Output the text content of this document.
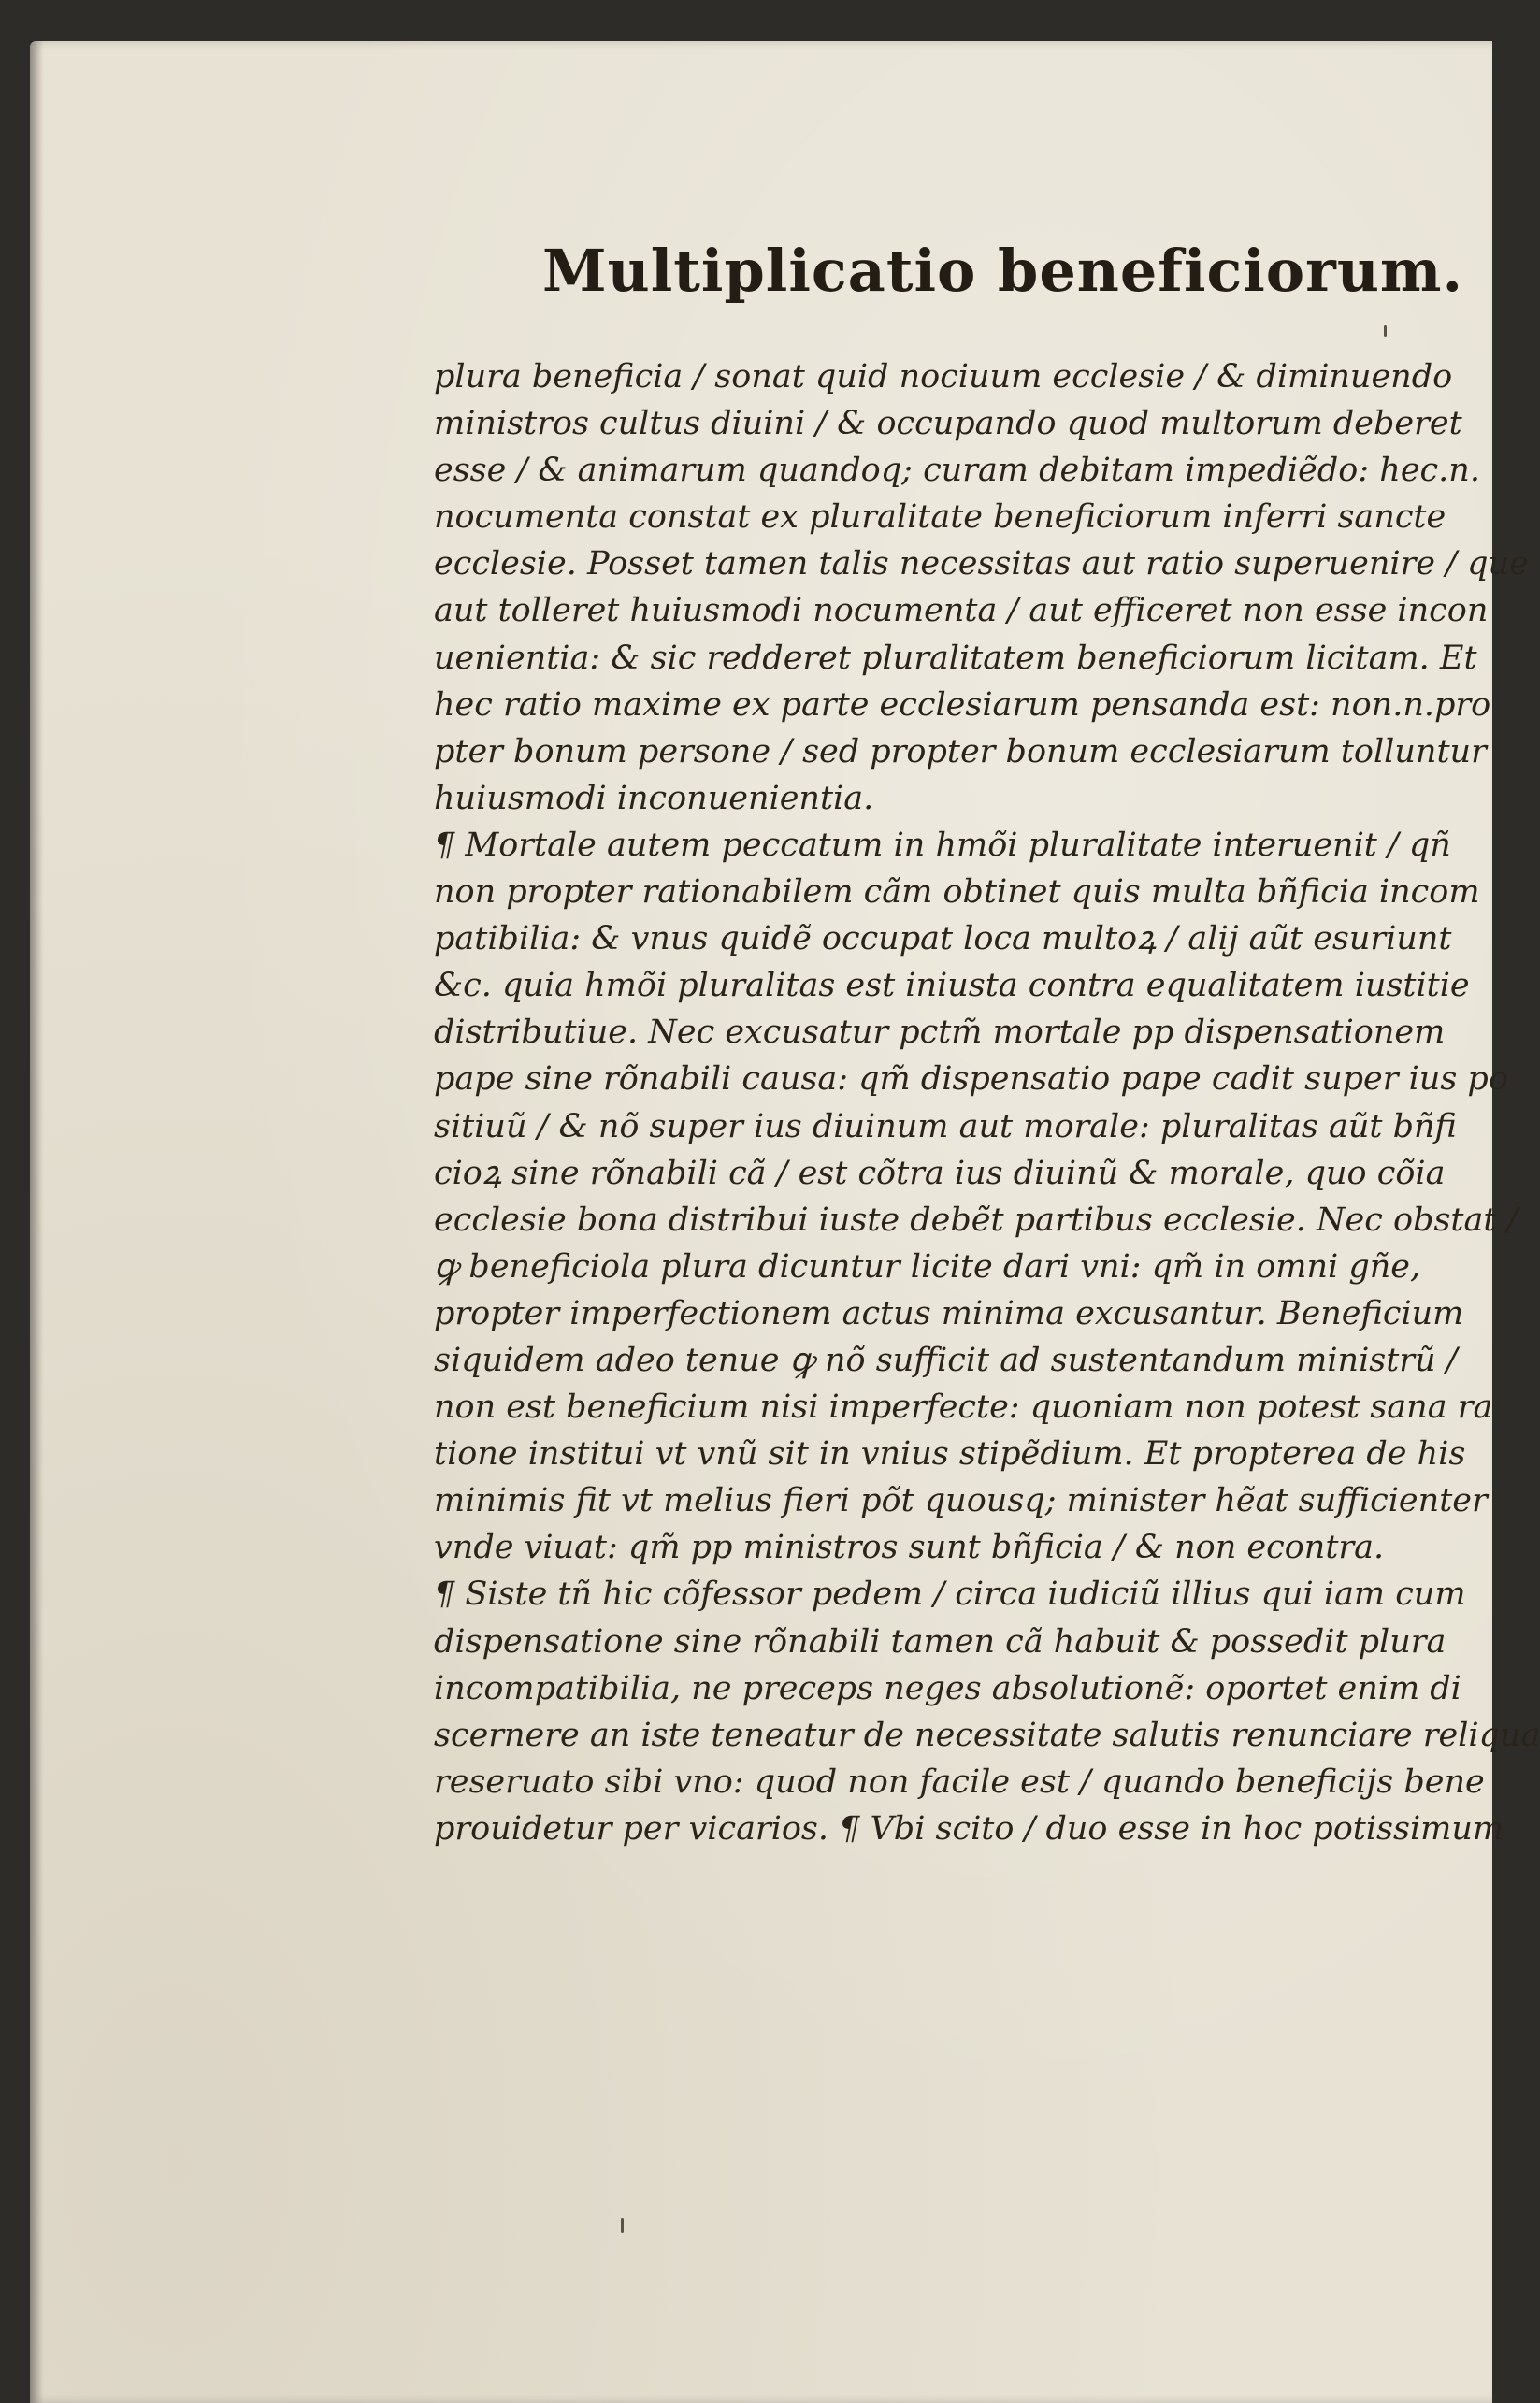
Multiplicatio beneficiorum.
plura beneficia / sonat quid nociuum ecclesie / & diminuendo
ministros cultus diuini / & occupando quod multorum deberet
esse / & animarum quandoq; curam debitam impediẽdo: hec.n.
nocumenta constat ex pluralitate beneficiorum inferri sancte
ecclesie. Posset tamen talis necessitas aut ratio superuenire / que
aut tolleret huiusmodi nocumenta / aut efficeret non esse incon
uenientia: & sic redderet pluralitatem beneficiorum licitam. Et
hec ratio maxime ex parte ecclesiarum pensanda est: non.n.pro
pter bonum persone / sed propter bonum ecclesiarum tolluntur
huiusmodi inconuenientia.
¶ Mortale autem peccatum in hmõi pluralitate interuenit / qñ
non propter rationabilem cãm obtinet quis multa bñficia incom
patibilia: & vnus quidẽ occupat loca multoꝝ / alij aũt esuriunt
&c. quia hmõi pluralitas est iniusta contra equalitatem iustitie
distributiue. Nec excusatur pctm̃ mortale pp dispensationem
pape sine rõnabili causa: qm̃ dispensatio pape cadit super ius po
sitiuũ / & nõ super ius diuinum aut morale: pluralitas aũt bñfi
cioꝝ sine rõnabili cã / est cõtra ius diuinũ & morale, quo cõia
ecclesie bona distribui iuste debẽt partibus ecclesie. Nec obstat /
ꝙ beneficiola plura dicuntur licite dari vni: qm̃ in omni gñe,
propter imperfectionem actus minima excusantur. Beneficium
siquidem adeo tenue ꝙ nõ sufficit ad sustentandum ministrũ /
non est beneficium nisi imperfecte: quoniam non potest sana ra
tione institui vt vnũ sit in vnius stipẽdium. Et propterea de his
minimis fit vt melius fieri põt quousq; minister hẽat sufficienter
vnde viuat: qm̃ pp ministros sunt bñficia / & non econtra.
¶ Siste tñ hic cõfessor pedem / circa iudiciũ illius qui iam cum
dispensatione sine rõnabili tamen cã habuit & possedit plura
incompatibilia, ne preceps neges absolutionẽ: oportet enim di
scernere an iste teneatur de necessitate salutis renunciare reliqua
reseruato sibi vno: quod non facile est / quando beneficijs bene
prouidetur per vicarios. ¶ Vbi scito / duo esse in hoc potissimum
